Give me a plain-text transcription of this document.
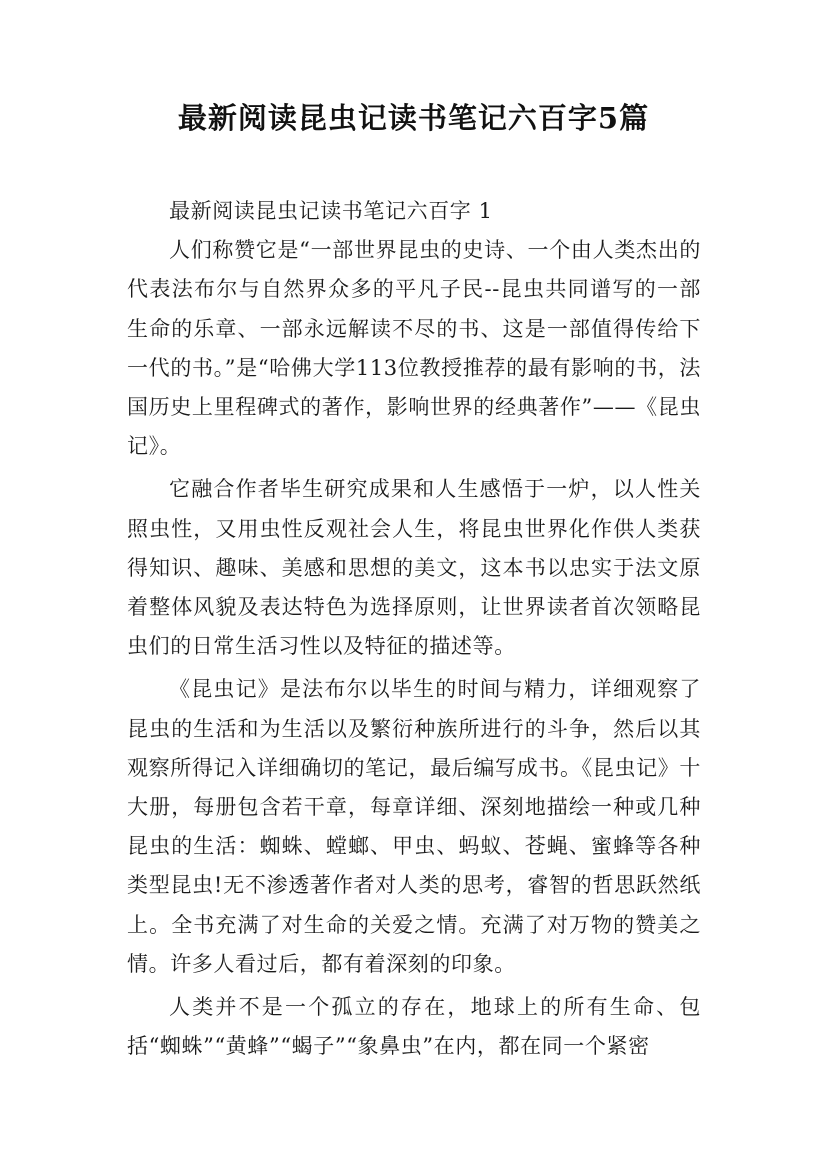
最新阅读昆虫记读书笔记六百字5篇

最新阅读昆虫记读书笔记六百字 1

人们称赞它是“一部世界昆虫的史诗、一个由人类杰出的代表法布尔与自然界众多的平凡子民--昆虫共同谱写的一部生命的乐章、一部永远解读不尽的书、这是一部值得传给下一代的书。”是“哈佛大学113位教授推荐的最有影响的书，法国历史上里程碑式的著作，影响世界的经典著作”——《昆虫记》。

它融合作者毕生研究成果和人生感悟于一炉，以人性关照虫性，又用虫性反观社会人生，将昆虫世界化作供人类获得知识、趣味、美感和思想的美文，这本书以忠实于法文原着整体风貌及表达特色为选择原则，让世界读者首次领略昆虫们的日常生活习性以及特征的描述等。

《昆虫记》是法布尔以毕生的时间与精力，详细观察了昆虫的生活和为生活以及繁衍种族所进行的斗争，然后以其观察所得记入详细确切的笔记，最后编写成书。《昆虫记》十大册，每册包含若干章，每章详细、深刻地描绘一种或几种昆虫的生活：蜘蛛、螳螂、甲虫、蚂蚁、苍蝇、蜜蜂等各种类型昆虫!无不渗透著作者对人类的思考，睿智的哲思跃然纸上。全书充满了对生命的关爱之情。充满了对万物的赞美之情。许多人看过后，都有着深刻的印象。

人类并不是一个孤立的存在，地球上的所有生命、包括“蜘蛛”“黄蜂”“蝎子”“象鼻虫”在内，都在同一个紧密
